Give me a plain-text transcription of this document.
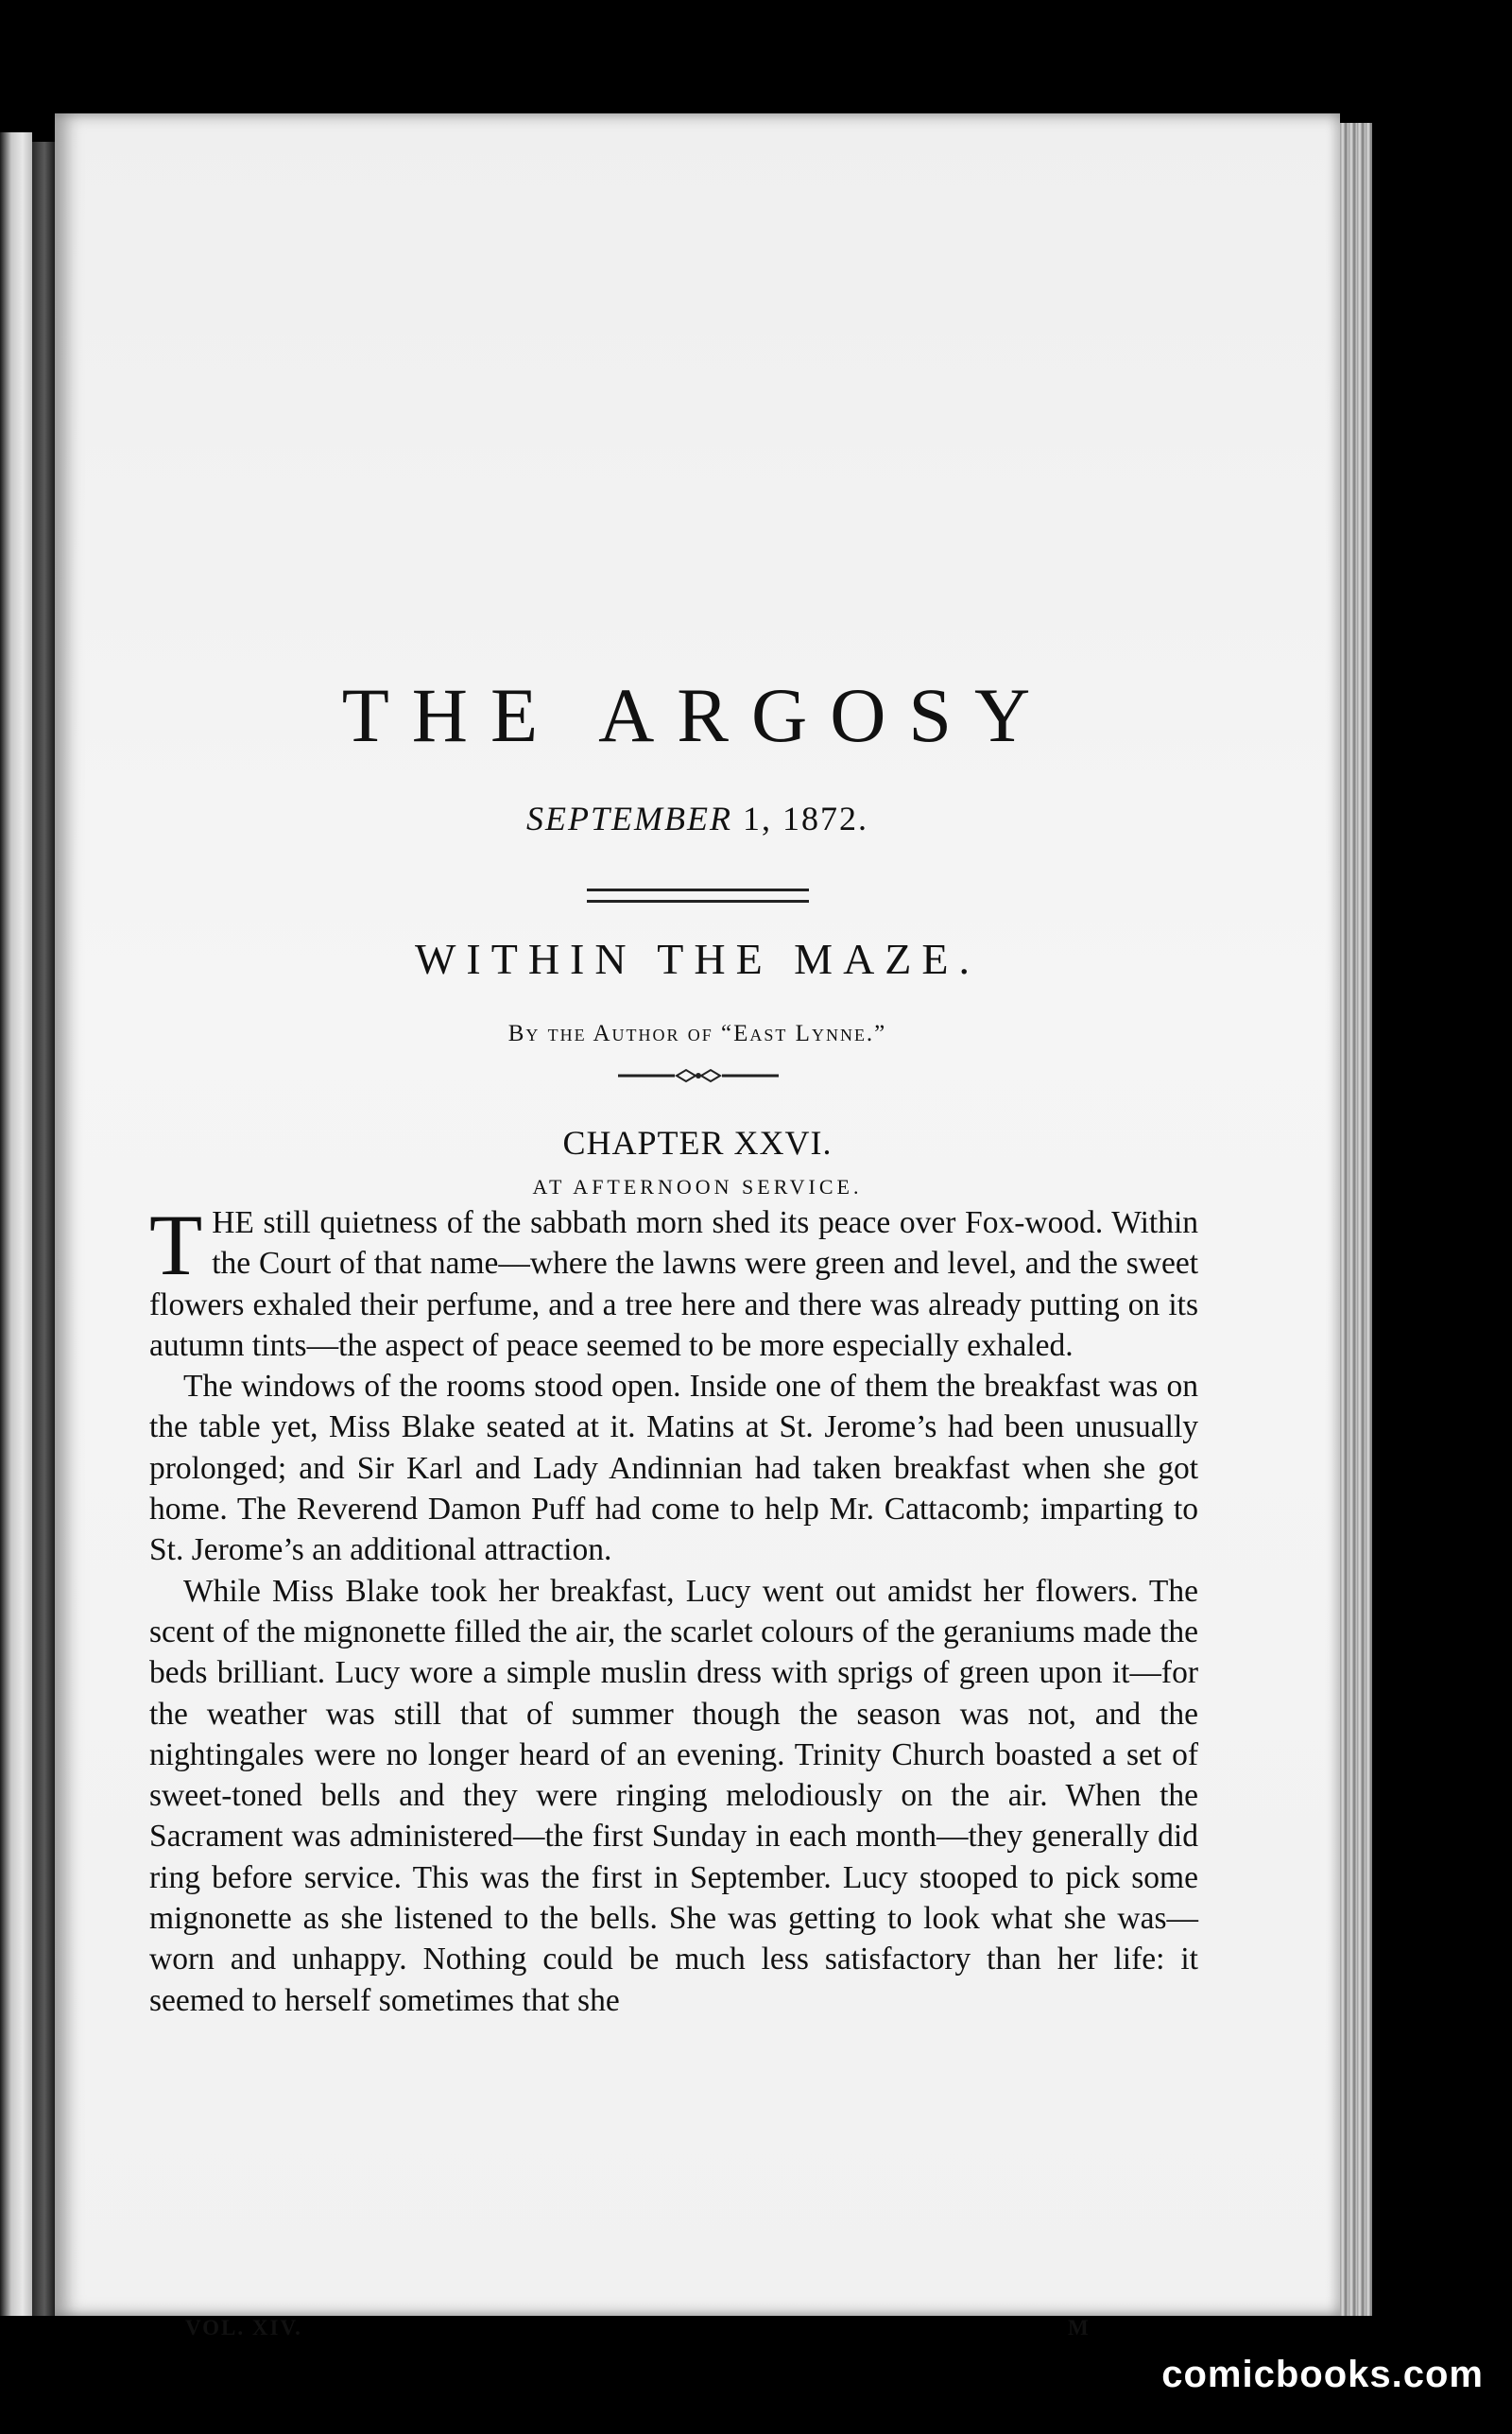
THE ARGOSY
SEPTEMBER 1, 1872.
WITHIN THE MAZE.
By the Author of “East Lynne.”
CHAPTER XXVI.
AT AFTERNOON SERVICE.

THE still quietness of the sabbath morn shed its peace over Fox-wood. Within the Court of that name—where the lawns were green and level, and the sweet flowers exhaled their perfume, and a tree here and there was already putting on its autumn tints—the aspect of peace seemed to be more especially exhaled.

The windows of the rooms stood open. Inside one of them the breakfast was on the table yet, Miss Blake seated at it. Matins at St. Jerome’s had been unusually prolonged; and Sir Karl and Lady Andinnian had taken breakfast when she got home. The Reverend Damon Puff had come to help Mr. Cattacomb; imparting to St. Jerome’s an additional attraction.

While Miss Blake took her breakfast, Lucy went out amidst her flowers. The scent of the mignonette filled the air, the scarlet colours of the geraniums made the beds brilliant. Lucy wore a simple muslin dress with sprigs of green upon it—for the weather was still that of summer though the season was not, and the nightingales were no longer heard of an evening. Trinity Church boasted a set of sweet-toned bells and they were ringing melodiously on the air. When the Sacrament was administered—the first Sunday in each month—they generally did ring before service. This was the first in September. Lucy stooped to pick some mignonette as she listened to the bells. She was getting to look what she was—worn and unhappy. Nothing could be much less satisfactory than her life: it seemed to herself sometimes that she

VOL. XIV.	M
comicbooks.com
